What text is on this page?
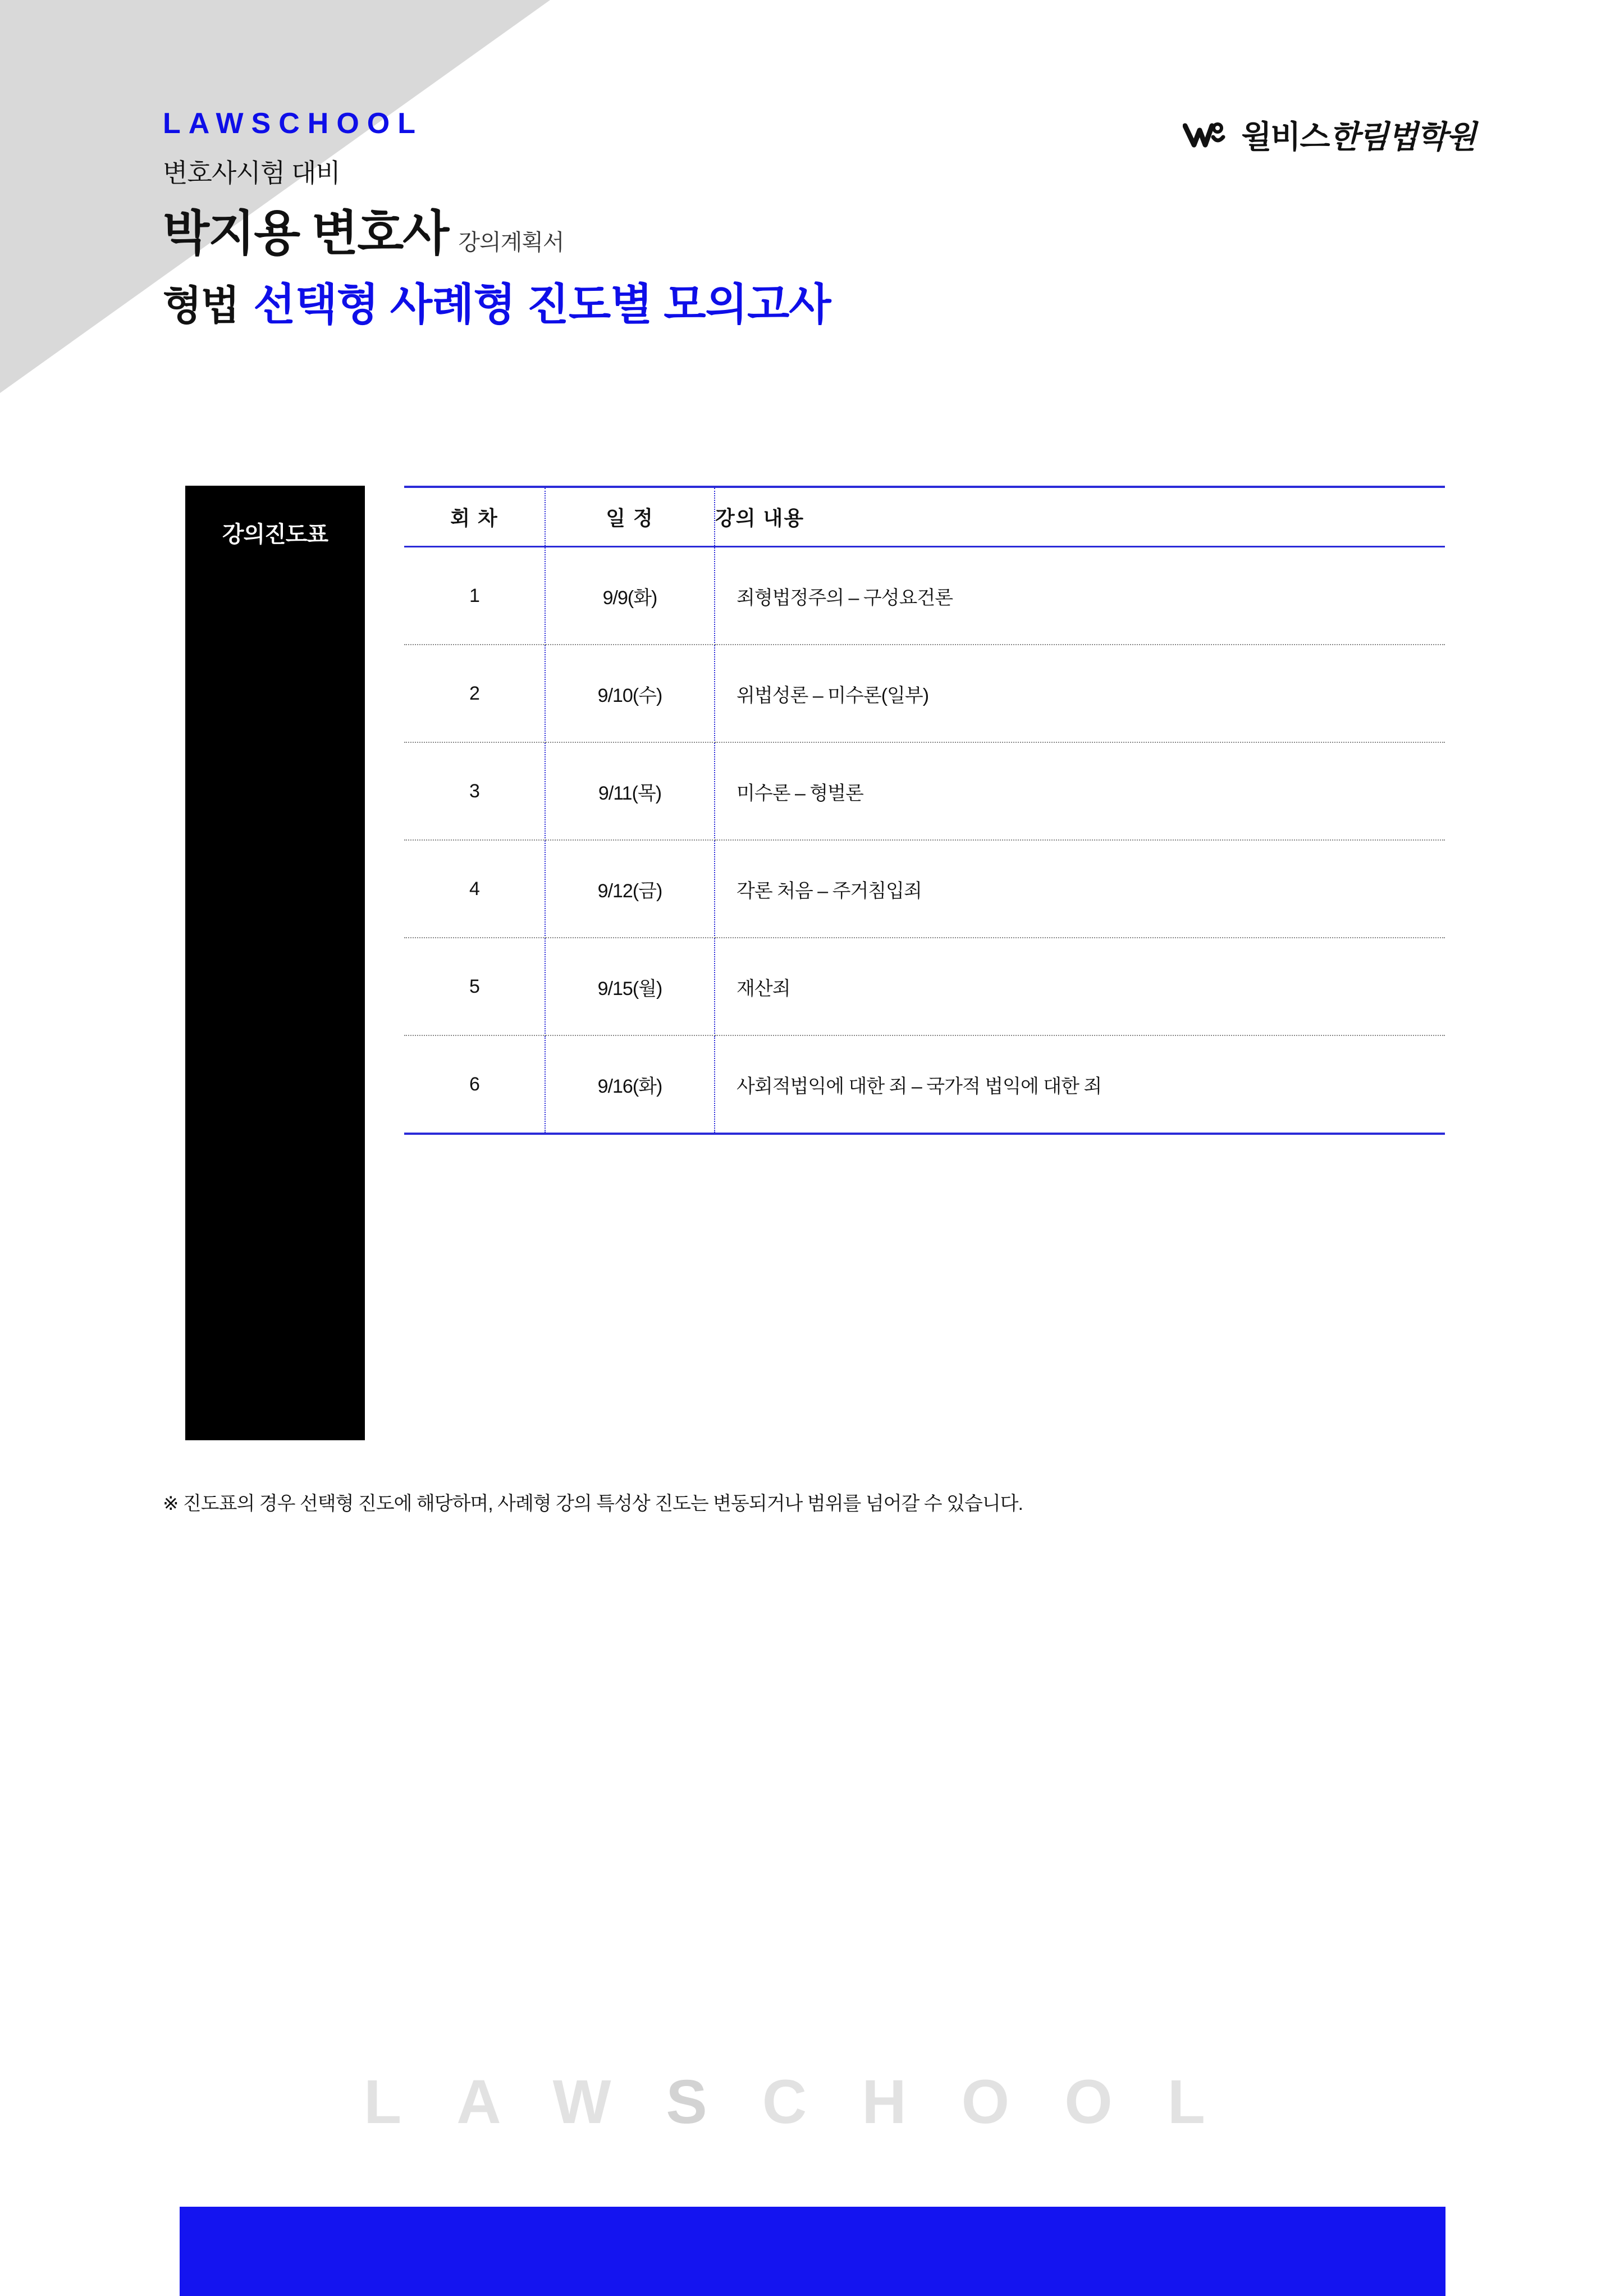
LAWSCHOOL
변호사시험 대비
박지용 변호사 강의계획서
형법 선택형 사례형 진도별 모의고사
윌비스한림법학원
강의진도표
회 차	일 정	강의 내용
1	9/9(화)	죄형법정주의 – 구성요건론
2	9/10(수)	위법성론 – 미수론(일부)
3	9/11(목)	미수론 – 형벌론
4	9/12(금)	각론 처음 – 주거침입죄
5	9/15(월)	재산죄
6	9/16(화)	사회적법익에 대한 죄 – 국가적 법익에 대한 죄
※ 진도표의 경우 선택형 진도에 해당하며, 사례형 강의 특성상 진도는 변동되거나 범위를 넘어갈 수 있습니다.
LAWSCHOOL
